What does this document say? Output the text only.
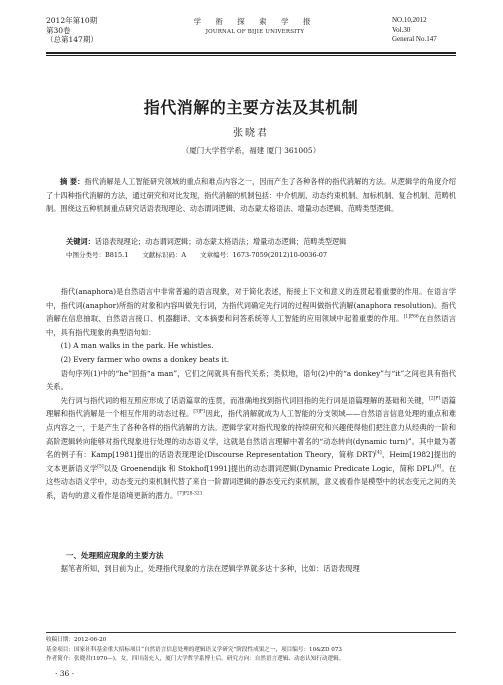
2012年第10期
第30卷
（总第147期）
学 術 探 索 学 报
JOURNAL OF BIJIE UNIVERSITY
NO.10,2012
Vol.30
General No.147
指代消解的主要方法及其机制
张晓君
（厦门大学哲学系，福建 厦门 361005）
摘 要：指代消解是人工智能研究领域的重点和难点内容之一，因而产生了各种各样的指代消解的方法。从逻辑学的角度介绍了十四种指代消解的方法，通过研究和对比发现，指代消解的机制包括：中介机制、动态约束机制、加标机制、复合机制、范畴机制。围绕这五种机制重点研究话语表现理论、动态谓词逻辑、动态蒙太格语法、增量动态逻辑、范畴类型逻辑。
关键词：话语表现理论；动态谓词逻辑；动态蒙太格语法；增量动态逻辑；范畴类型逻辑
中图分类号：B815.1 文献标识码：A 文章编号：1673-7059(2012)10-0036-07

指代(anaphora)是自然语言中非常普遍的语言现象，对于简化表述，衔接上下文和意义的连贯起着重要的作用。在语言学中，指代词(anaphor)所指的对象和内容叫做先行词，为指代词确定先行词的过程叫做指代消解(anaphora resolution)。指代消解在信息抽取、自然语言接口、机器翻译、文本摘要和问答系统等人工智能的应用领域中起着重要的作用。$^{[1]P66}$在自然语言中，具有指代现象的典型语句如：

(1) A man walks in the park. He whistles.

(2) Every farmer who owns a donkey beats it.

语句序列(1)中的“he”回指“a man”，它们之间就具有指代关系；类似地，语句(2)中的“a donkey”与“it”之间也具有指代关系。

先行词与指代词的相互照应形成了话语篇章的连贯，而准确地找到指代词回指的先行词是语篇理解的基础和关键，$^{[2]P1}$语篇理解和指代消解是一个相互作用的动态过程。$^{[3]P1}$因此，指代消解就成为人工智能的分支领域——自然语言信息处理的重点和难点内容之一，于是产生了各种各样的指代消解的方法。逻辑学家对指代现象的持续研究和兴趣使得他们把注意力从经典的一阶和高阶逻辑转向能够对指代现象进行处理的动态语义学，这就是自然语言理解中著名的“动态转向(dynamic turn)”。其中最为著名的例子有：Kamp[1981]提出的话语表现理论(Discourse Representation Theory，简称 DRT)[4]、Heim[1982]提出的文本更新语义学[5]以及 Groenendijk 和 Stokhof[1991]提出的动态谓词逻辑(Dynamic Predicate Logic，简称 DPL)[6]。在这些动态语义学中，动态变元约束机制代替了来自一阶谓词逻辑的静态变元约束机制，意义被看作是模型中的状态变元之间的关系，语句的意义看作是语境更新的潜力。$^{[7]P28-321}$

一、处理照应现象的主要方法
据笔者所知，到目前为止，处理指代现象的方法在逻辑学界就多达十多种，比如：话语表现理
收稿日期：2012-06-20
基金项目：国家社科基金重大招标项目“自然语言信息处理的逻辑语义学研究”阶段性成果之一，项目编号：10&ZD 073
作者简介：张晓君(1970—)，女，四川南充人，厦门大学哲学系博士后。研究方向：自然语言逻辑、动态认知行动逻辑。
· 36 ·
